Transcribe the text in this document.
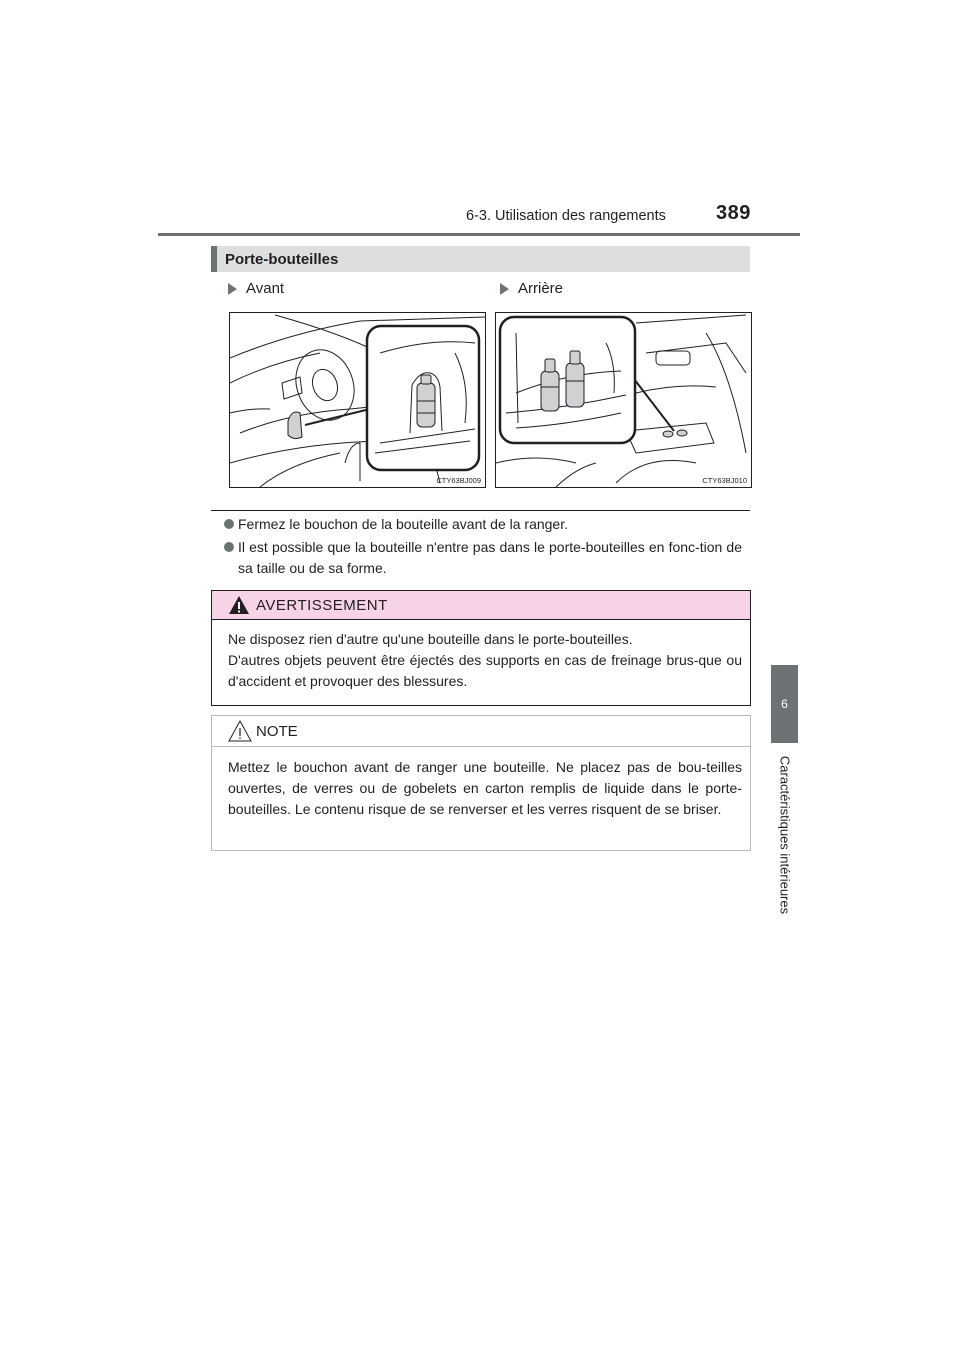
6-3. Utilisation des rangements	389
6
Caractéristiques intérieures
Porte-bouteilles
Avant	Arrière
CTY63BJ009	CTY63BJ010
Fermez le bouchon de la bouteille avant de la ranger.
Il est possible que la bouteille n'entre pas dans le porte-bouteilles en fonc-tion de sa taille ou de sa forme.
AVERTISSEMENT
Ne disposez rien d'autre qu'une bouteille dans le porte-bouteilles.
D'autres objets peuvent être éjectés des supports en cas de freinage brus-que ou d'accident et provoquer des blessures.
NOTE
Mettez le bouchon avant de ranger une bouteille. Ne placez pas de bou-teilles ouvertes, de verres ou de gobelets en carton remplis de liquide dans le porte-bouteilles. Le contenu risque de se renverser et les verres risquent de se briser.
